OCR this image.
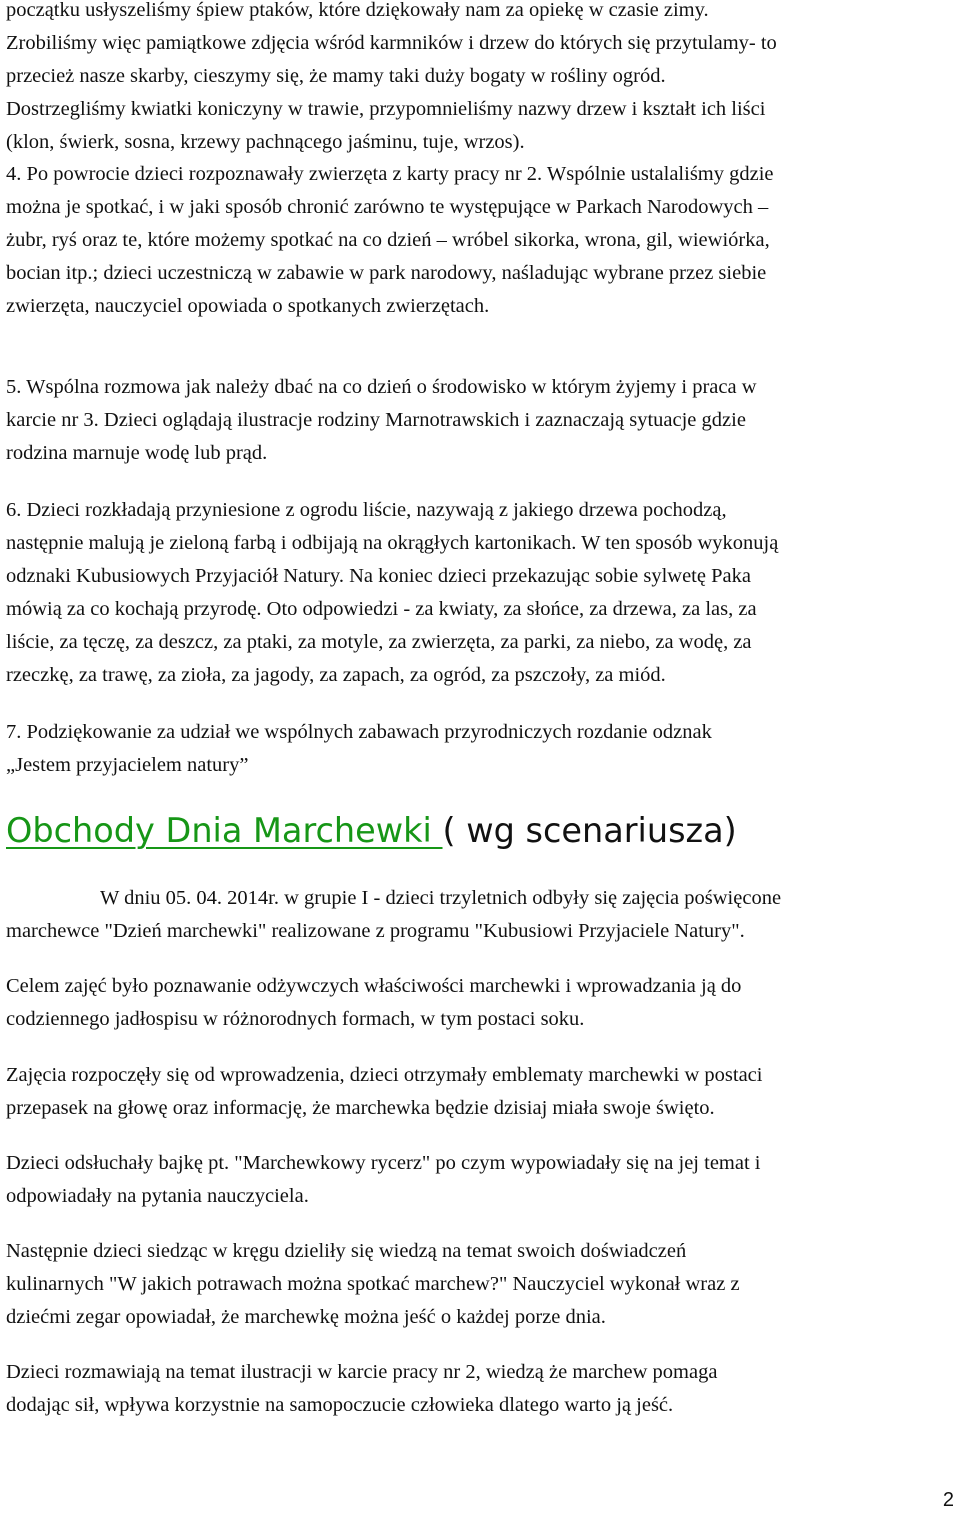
początku usłyszeliśmy śpiew ptaków, które dziękowały nam za opiekę w czasie zimy.
Zrobiliśmy więc pamiątkowe zdjęcia wśród karmników i drzew do których się przytulamy- to
przecież nasze skarby, cieszymy się, że mamy taki duży bogaty w rośliny ogród.
Dostrzegliśmy kwiatki koniczyny w trawie, przypomnieliśmy nazwy drzew i kształt ich liści
(klon, świerk, sosna, krzewy pachnącego jaśminu, tuje, wrzos).

4. Po powrocie dzieci rozpoznawały zwierzęta z karty pracy nr 2. Wspólnie ustalaliśmy gdzie
można je spotkać, i w jaki sposób chronić zarówno te występujące w Parkach Narodowych –
żubr, ryś oraz te, które możemy spotkać na co dzień – wróbel sikorka, wrona, gil, wiewiórka,
bocian itp.; dzieci uczestniczą w zabawie w park narodowy, naśladując wybrane przez siebie
zwierzęta, nauczyciel opowiada o spotkanych zwierzętach.

5. Wspólna rozmowa jak należy dbać na co dzień o środowisko w którym żyjemy i praca w
karcie nr 3. Dzieci oglądają ilustracje rodziny Marnotrawskich i zaznaczają sytuacje gdzie
rodzina marnuje wodę lub prąd.

6. Dzieci rozkładają przyniesione z ogrodu liście, nazywają z jakiego drzewa pochodzą,
następnie malują je zieloną farbą i odbijają na okrągłych kartonikach. W ten sposób wykonują
odznaki Kubusiowych Przyjaciół Natury. Na koniec dzieci przekazując sobie sylwetę Paka
mówią za co kochają przyrodę. Oto odpowiedzi - za kwiaty, za słońce, za drzewa, za las, za
liście, za tęczę, za deszcz, za ptaki, za motyle, za zwierzęta, za parki, za niebo, za wodę, za
rzeczkę, za trawę, za zioła, za jagody, za zapach, za ogród, za pszczoły, za miód.

7. Podziękowanie za udział we wspólnych zabawach przyrodniczych rozdanie odznak
„Jestem przyjacielem natury”

Obchody Dnia Marchewki ( wg scenariusza)

W dniu 05. 04. 2014r. w grupie I - dzieci trzyletnich odbyły się zajęcia poświęcone
marchewce "Dzień marchewki" realizowane z programu "Kubusiowi Przyjaciele Natury".

Celem zajęć było poznawanie odżywczych właściwości marchewki i wprowadzania ją do
codziennego jadłospisu w różnorodnych formach, w tym postaci soku.

Zajęcia rozpoczęły się od wprowadzenia, dzieci otrzymały emblematy marchewki w postaci
przepasek na głowę oraz informację, że marchewka będzie dzisiaj miała swoje święto.

Dzieci odsłuchały bajkę pt. "Marchewkowy rycerz" po czym wypowiadały się na jej temat i
odpowiadały na pytania nauczyciela.

Następnie dzieci siedząc w kręgu dzieliły się wiedzą na temat swoich doświadczeń
kulinarnych "W jakich potrawach można spotkać marchew?" Nauczyciel wykonał wraz z
dziećmi zegar opowiadał, że marchewkę można jeść o każdej porze dnia.

Dzieci rozmawiają na temat ilustracji w karcie pracy nr 2, wiedzą że marchew pomaga
dodając sił, wpływa korzystnie na samopoczucie człowieka dlatego warto ją jeść.

2
